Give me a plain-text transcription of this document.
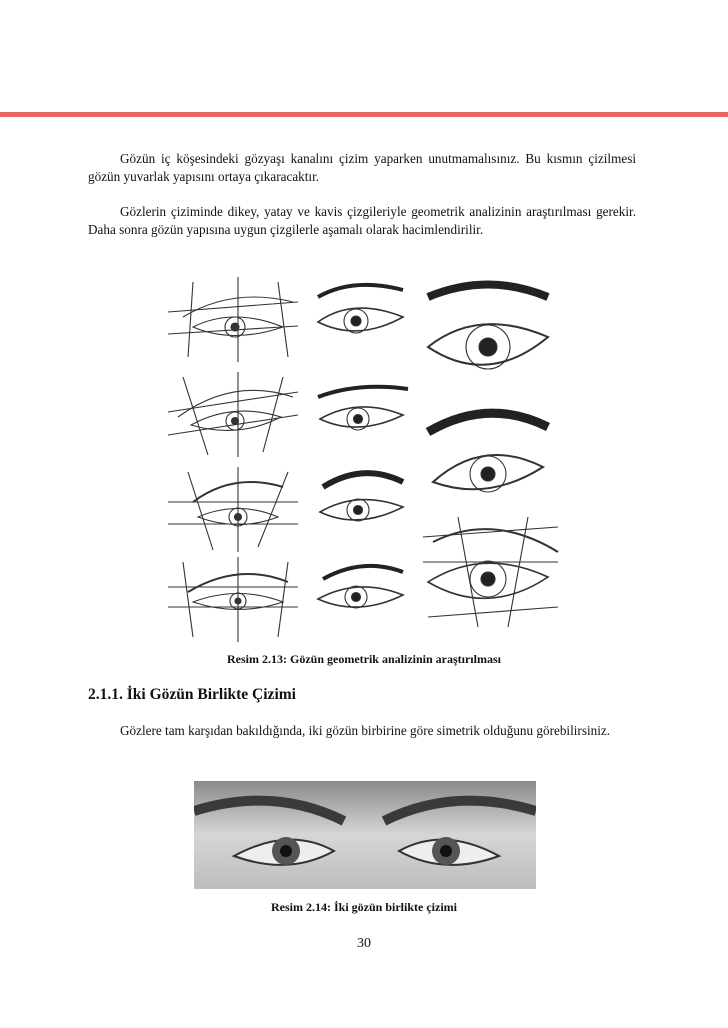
Gözün iç köşesindeki gözyaşı kanalını çizim yaparken unutmamalısınız. Bu kısmın çizilmesi gözün yuvarlak yapısını ortaya çıkaracaktır.

Gözlerin çiziminde dikey, yatay ve kavis çizgileriyle geometrik analizinin araştırılması gerekir. Daha sonra gözün yapısına uygun çizgilerle aşamalı olarak hacimlendirilir.

Resim 2.13: Gözün geometrik analizinin araştırılması
2.1.1. İki Gözün Birlikte Çizimi

Gözlere tam karşıdan bakıldığında, iki gözün birbirine göre simetrik olduğunu görebilirsiniz.

Resim 2.14: İki gözün birlikte çizimi
30
